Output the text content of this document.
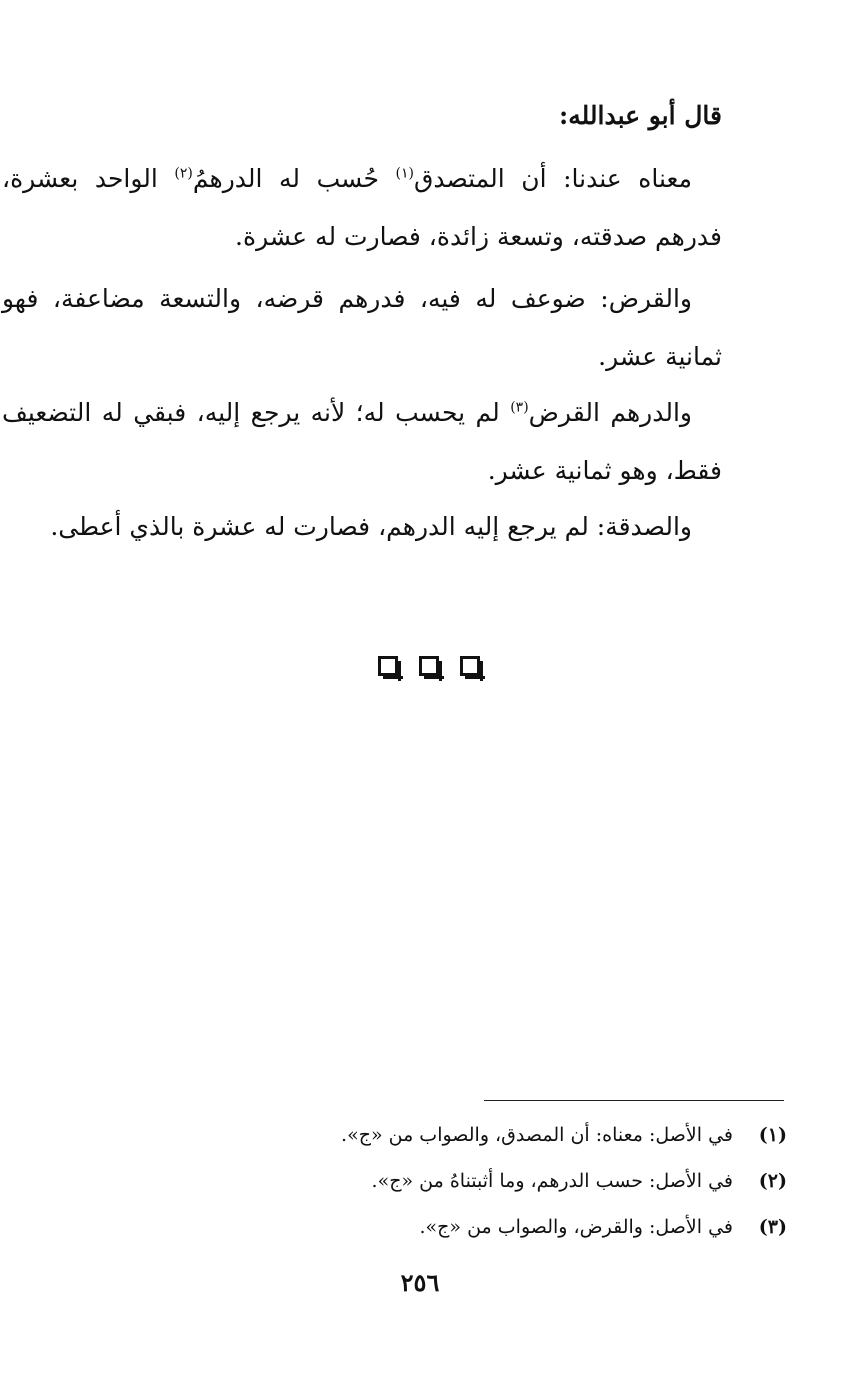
قال أبو عبدالله:
معناه عندنا: أن المتصدق$^{(١)}$ حُسب له الدرهمُ$^{(٢)}$ الواحد بعشرة، فدرهم صدقته، وتسعة زائدة، فصارت له عشرة.
والقرض: ضوعف له فيه، فدرهم قرضه، والتسعة مضاعفة، فهو ثمانية عشر.
والدرهم القرض$^{(٣)}$ لم يحسب له؛ لأنه يرجع إليه، فبقي له التضعيف فقط، وهو ثمانية عشر.
والصدقة: لم يرجع إليه الدرهم، فصارت له عشرة بالذي أعطى.
(١)في الأصل: معناه: أن المصدق، والصواب من «ج».
(٢)في الأصل: حسب الدرهم، وما أثبتناهُ من «ج».
(٣)في الأصل: والقرض، والصواب من «ج».
٢٥٦
